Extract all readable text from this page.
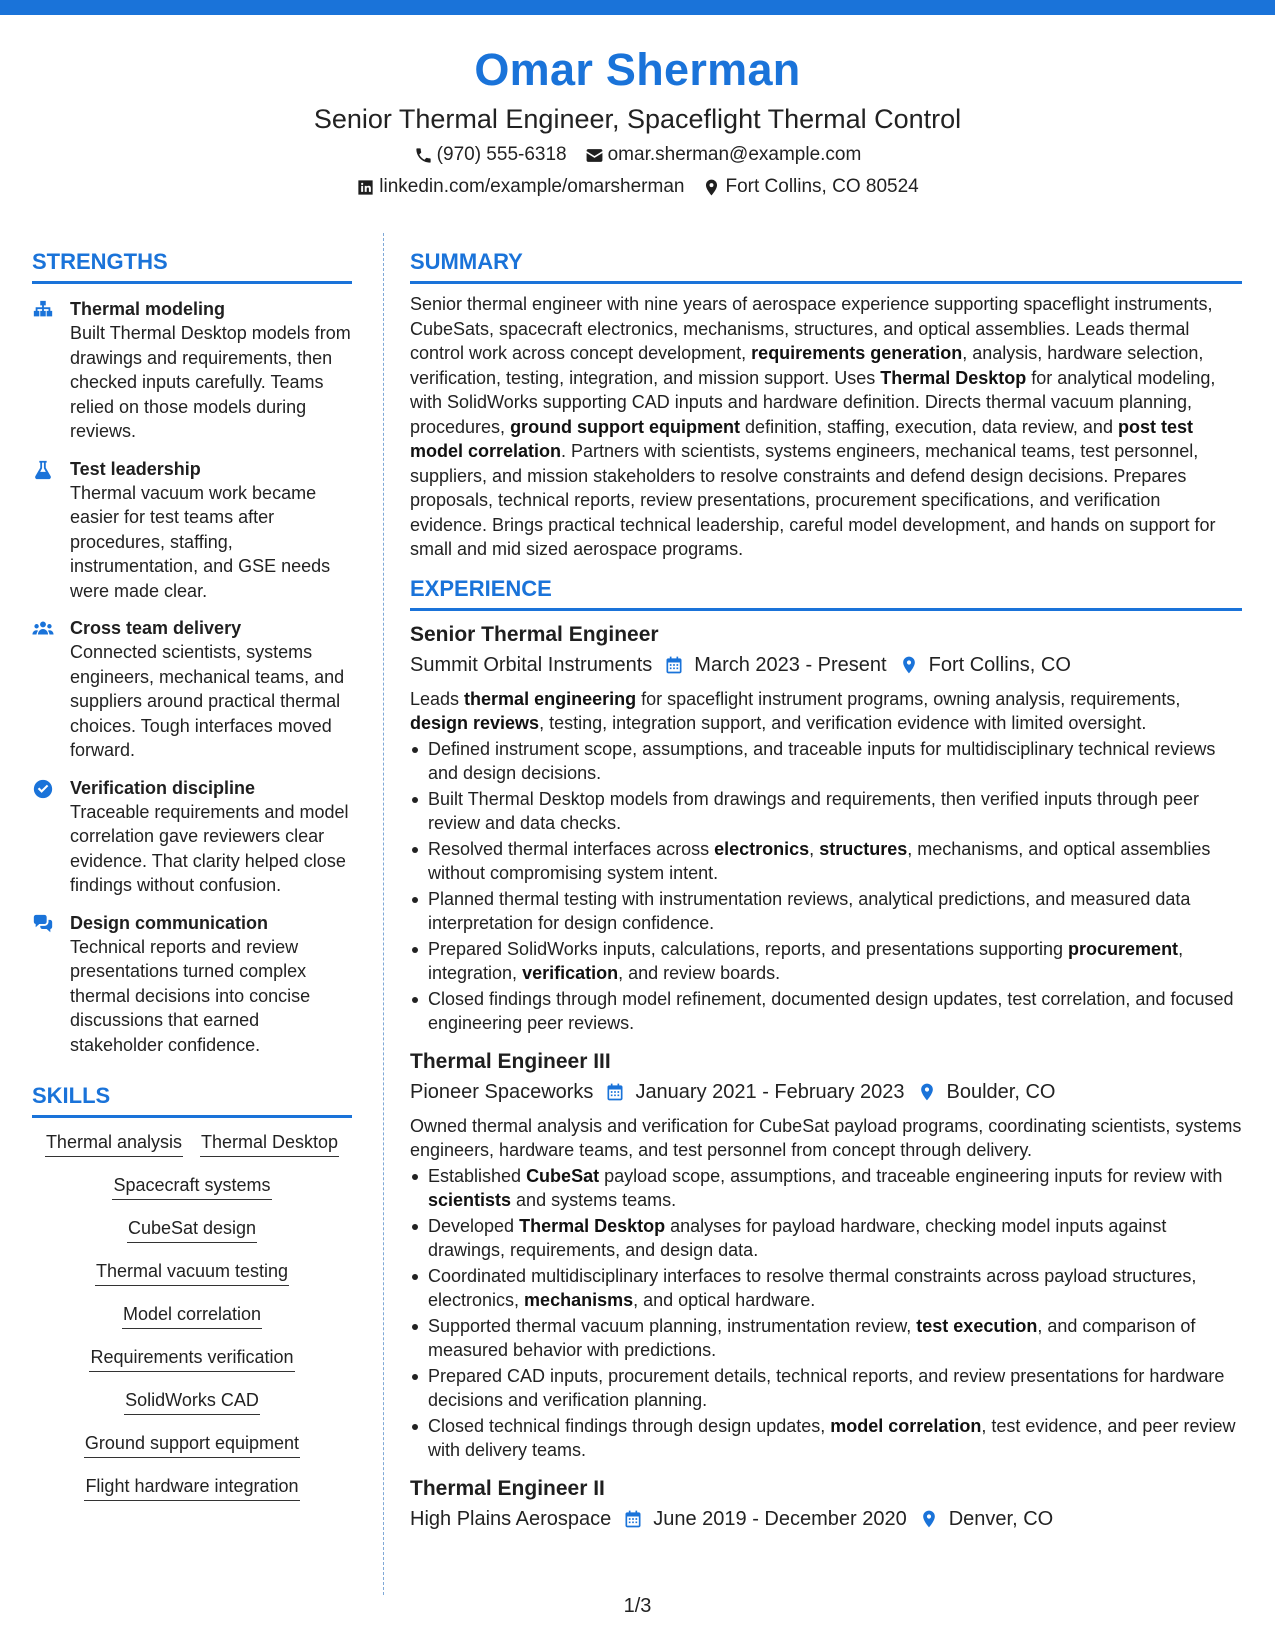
Omar Sherman
Senior Thermal Engineer, Spaceflight Thermal Control
(970) 555-6318 omar.sherman@example.com
linkedin.com/example/omarsherman Fort Collins, CO 80524
STRENGTHS
Thermal modeling
Built Thermal Desktop models from drawings and requirements, then checked inputs carefully. Teams relied on those models during reviews.
Test leadership
Thermal vacuum work became easier for test teams after procedures, staffing, instrumentation, and GSE needs were made clear.
Cross team delivery
Connected scientists, systems engineers, mechanical teams, and suppliers around practical thermal choices. Tough interfaces moved forward.
Verification discipline
Traceable requirements and model correlation gave reviewers clear evidence. That clarity helped close findings without confusion.
Design communication
Technical reports and review presentations turned complex thermal decisions into concise discussions that earned stakeholder confidence.
SKILLS
Thermal analysis Thermal Desktop
Spacecraft systems
CubeSat design
Thermal vacuum testing
Model correlation
Requirements verification
SolidWorks CAD
Ground support equipment
Flight hardware integration
SUMMARY

Senior thermal engineer with nine years of aerospace experience supporting spaceflight instruments, CubeSats, spacecraft electronics, mechanisms, structures, and optical assemblies. Leads thermal control work across concept development, requirements generation, analysis, hardware selection, verification, testing, integration, and mission support. Uses Thermal Desktop for analytical modeling, with SolidWorks supporting CAD inputs and hardware definition. Directs thermal vacuum planning, procedures, ground support equipment definition, staffing, execution, data review, and post test model correlation. Partners with scientists, systems engineers, mechanical teams, test personnel, suppliers, and mission stakeholders to resolve constraints and defend design decisions. Prepares proposals, technical reports, review presentations, procurement specifications, and verification evidence. Brings practical technical leadership, careful model development, and hands on support for small and mid sized aerospace programs.

EXPERIENCE
Senior Thermal Engineer
Summit Orbital Instruments March 2023 - Present Fort Collins, CO

Leads thermal engineering for spaceflight instrument programs, owning analysis, requirements, design reviews, testing, integration support, and verification evidence with limited oversight.

Defined instrument scope, assumptions, and traceable inputs for multidisciplinary technical reviews and design decisions.
Built Thermal Desktop models from drawings and requirements, then verified inputs through peer review and data checks.
Resolved thermal interfaces across electronics, structures, mechanisms, and optical assemblies without compromising system intent.
Planned thermal testing with instrumentation reviews, analytical predictions, and measured data interpretation for design confidence.
Prepared SolidWorks inputs, calculations, reports, and presentations supporting procurement, integration, verification, and review boards.
Closed findings through model refinement, documented design updates, test correlation, and focused engineering peer reviews.
Thermal Engineer III
Pioneer Spaceworks January 2021 - February 2023 Boulder, CO

Owned thermal analysis and verification for CubeSat payload programs, coordinating scientists, systems engineers, hardware teams, and test personnel from concept through delivery.

Established CubeSat payload scope, assumptions, and traceable engineering inputs for review with scientists and systems teams.
Developed Thermal Desktop analyses for payload hardware, checking model inputs against drawings, requirements, and design data.
Coordinated multidisciplinary interfaces to resolve thermal constraints across payload structures, electronics, mechanisms, and optical hardware.
Supported thermal vacuum planning, instrumentation review, test execution, and comparison of measured behavior with predictions.
Prepared CAD inputs, procurement details, technical reports, and review presentations for hardware decisions and verification planning.
Closed technical findings through design updates, model correlation, test evidence, and peer review with delivery teams.
Thermal Engineer II
High Plains Aerospace June 2019 - December 2020 Denver, CO
1/3
